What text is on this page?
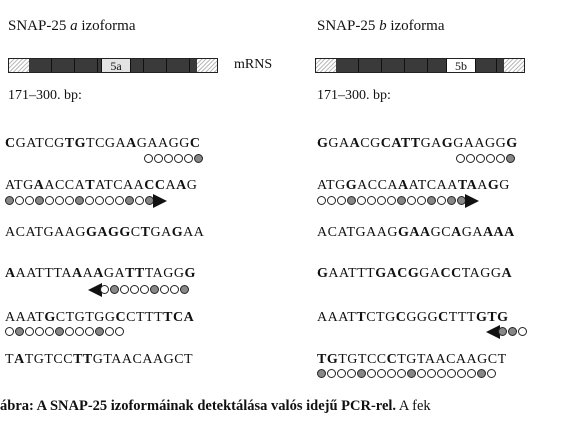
SNAP-25 a izoforma
5a	mRNS
171–300. bp:
CGATCGTGTCGAAGAAGGC
ATGAACCATATCAACCAAG
ACATGAAGGAGGCTGAGAA
AAATTTAAAAGATTTAGGG
AAATGCTGTGGCCTTTTCA
TATGTCCTTGTAACAAGCT
SNAP-25 b izoforma
5b
171–300. bp:
GGAACGCATTGAGGAAGGG
ATGGACCAAATCAATAAGG
ACATGAAGGAAGCAGAAAA
GAATTTGACGGACCTAGGA
AAATTCTGCGGGCTTTGTG
TGTGTCCCTGTAACAAGCT
ábra: A SNAP-25 izoformáinak detektálása valós idejű PCR-rel. A fek
